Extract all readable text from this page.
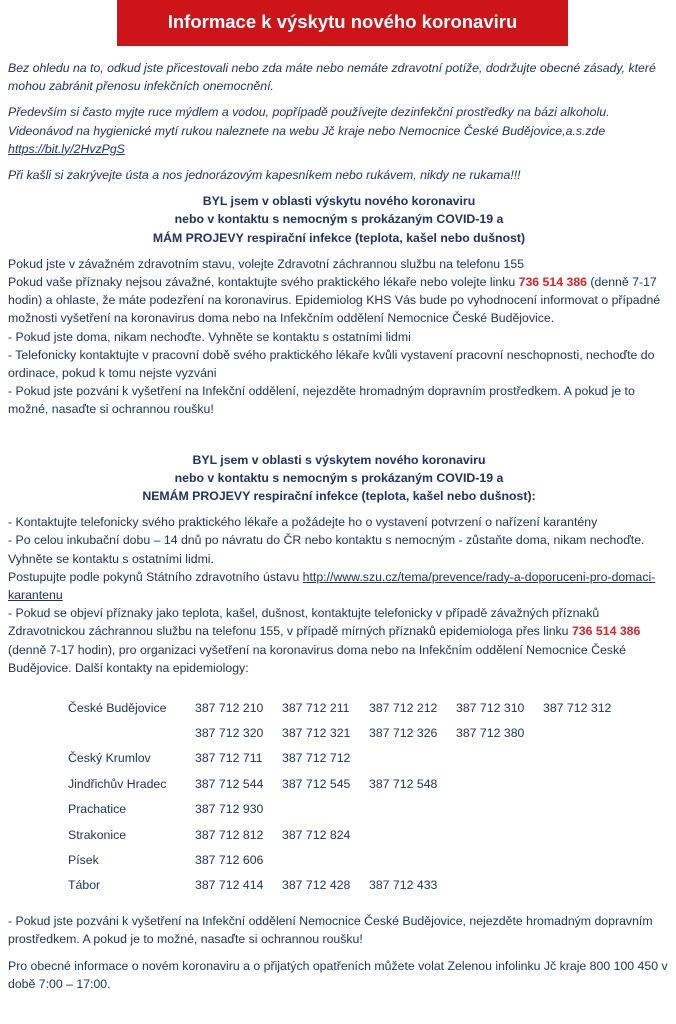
Informace k výskytu nového koronaviru

Bez ohledu na to, odkud jste přicestovali nebo zda máte nebo nemáte zdravotní potíže, dodržujte obecné zásady, které mohou zabránit přenosu infekčních onemocnění.

Především si často myjte ruce mýdlem a vodou, popřípadě používejte dezinfekční prostředky na bázi alkoholu. Videonávod na hygienické mytí rukou naleznete na webu Jč kraje nebo Nemocnice České Budějovice,a.s.zde

https://bit.ly/2HvzPgS

Při kašli si zakrývejte ústa a nos jednorázovým kapesníkem nebo rukávem, nikdy ne rukama!!!

BYL jsem v oblasti výskytu nového koronaviru
nebo v kontaktu s nemocným s prokázaným COVID-19 a
MÁM PROJEVY respirační infekce (teplota, kašel nebo dušnost)

Pokud jste v závažném zdravotním stavu, volejte Zdravotní záchrannou službu na telefonu 155

Pokud vaše příznaky nejsou závažné, kontaktujte svého praktického lékaře nebo volejte linku 736 514 386 (denně 7-17 hodin) a ohlaste, že máte podezření na koronavirus. Epidemiolog KHS Vás bude po vyhodnocení informovat o případné možnosti vyšetření na koronavirus doma nebo na Infekčním oddělení Nemocnice České Budějovice.

- Pokud jste doma, nikam nechoďte. Vyhněte se kontaktu s ostatními lidmi

- Telefonicky kontaktujte v pracovní době svého praktického lékaře kvůli vystavení pracovní neschopnosti, nechoďte do ordinace, pokud k tomu nejste vyzváni

- Pokud jste pozváni k vyšetření na Infekční oddělení, nejezděte hromadným dopravním prostředkem. A pokud je to možné, nasaďte si ochrannou roušku!

BYL jsem v oblasti s výskytem nového koronaviru
nebo v kontaktu s nemocným s prokázaným COVID-19 a
NEMÁM PROJEVY respirační infekce (teplota, kašel nebo dušnost):

- Kontaktujte telefonicky svého praktického lékaře a požádejte ho o vystavení potvrzení o nařízení karantény

- Po celou inkubační dobu – 14 dnů po návratu do ČR nebo kontaktu s nemocným - zůstaňte doma, nikam nechoďte. Vyhněte se kontaktu s ostatními lidmi.

Postupujte podle pokynů Státního zdravotního ústavu http://www.szu.cz/tema/prevence/rady-a-doporuceni-pro-domaci-karantenu

- Pokud se objeví příznaky jako teplota, kašel, dušnost, kontaktujte telefonicky v případě závažných příznaků Zdravotnickou záchrannou službu na telefonu 155, v případě mírných příznaků epidemiologa přes linku 736 514 386 (denně 7-17 hodin), pro organizaci vyšetření na koronavirus doma nebo na Infekčním oddělení Nemocnice České Budějovice. Další kontakty na epidemiology:

České Budějovice	387 712 210	387 712 211	387 712 212	387 712 310	387 712 312
	387 712 320	387 712 321	387 712 326	387 712 380	
Český Krumlov	387 712 711	387 712 712			
Jindřichův Hradec	387 712 544	387 712 545	387 712 548		
Prachatice	387 712 930				
Strakonice	387 712 812	387 712 824			
Písek	387 712 606				
Tábor	387 712 414	387 712 428	387 712 433		

- Pokud jste pozváni k vyšetření na Infekční oddělení Nemocnice České Budějovice, nejezděte hromadným dopravním prostředkem. A pokud je to možné, nasaďte si ochrannou roušku!

Pro obecné informace o novém koronaviru a o přijatých opatřeních můžete volat Zelenou infolinku Jč kraje 800 100 450 v době 7:00 – 17:00.
